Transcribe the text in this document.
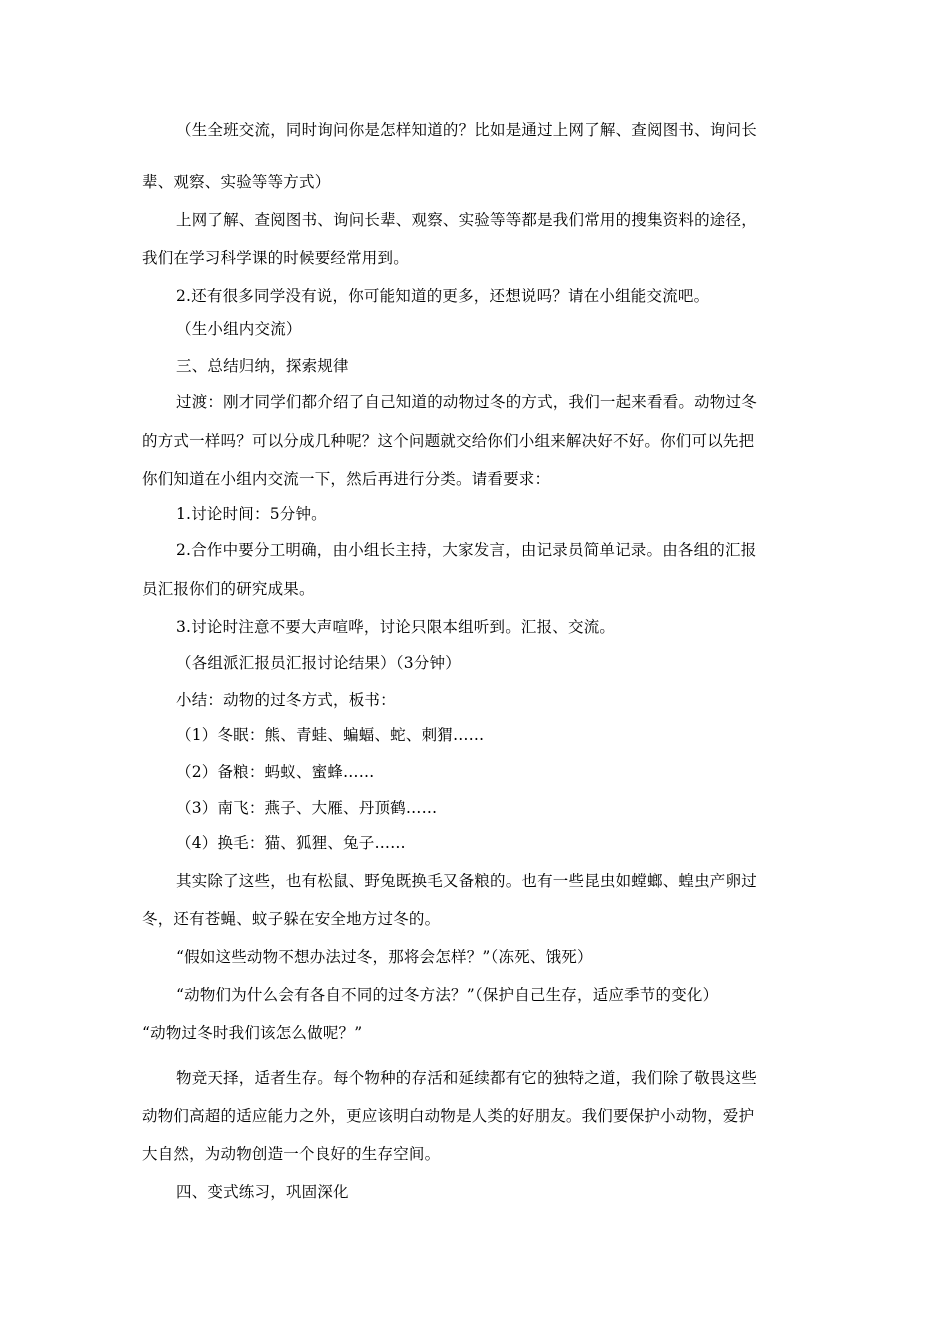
（生全班交流，同时询问你是怎样知道的？比如是通过上网了解、查阅图书、询问长
辈、观察、实验等等方式）
上网了解、查阅图书、询问长辈、观察、实验等等都是我们常用的搜集资料的途径，
我们在学习科学课的时候要经常用到。
2.还有很多同学没有说，你可能知道的更多，还想说吗？请在小组能交流吧。
（生小组内交流）
三、总结归纳，探索规律
过渡：刚才同学们都介绍了自己知道的动物过冬的方式，我们一起来看看。动物过冬
的方式一样吗？可以分成几种呢？这个问题就交给你们小组来解决好不好。你们可以先把
你们知道在小组内交流一下，然后再进行分类。请看要求：
1.讨论时间：5分钟。
2.合作中要分工明确，由小组长主持，大家发言，由记录员简单记录。由各组的汇报
员汇报你们的研究成果。
3.讨论时注意不要大声喧哗，讨论只限本组听到。汇报、交流。
（各组派汇报员汇报讨论结果）（3分钟）
小结：动物的过冬方式，板书：
（1）冬眠：熊、青蛙、蝙蝠、蛇、刺猬……
（2）备粮：蚂蚁、蜜蜂……
（3）南飞：燕子、大雁、丹顶鹤……
（4）换毛：猫、狐狸、兔子……
其实除了这些，也有松鼠、野兔既换毛又备粮的。也有一些昆虫如螳螂、蝗虫产卵过
冬，还有苍蝇、蚊子躲在安全地方过冬的。
“假如这些动物不想办法过冬，那将会怎样？”（冻死、饿死）
“动物们为什么会有各自不同的过冬方法？”（保护自己生存，适应季节的变化）
“动物过冬时我们该怎么做呢？”
物竞天择，适者生存。每个物种的存活和延续都有它的独特之道，我们除了敬畏这些
动物们高超的适应能力之外，更应该明白动物是人类的好朋友。我们要保护小动物，爱护
大自然，为动物创造一个良好的生存空间。
四、变式练习，巩固深化
